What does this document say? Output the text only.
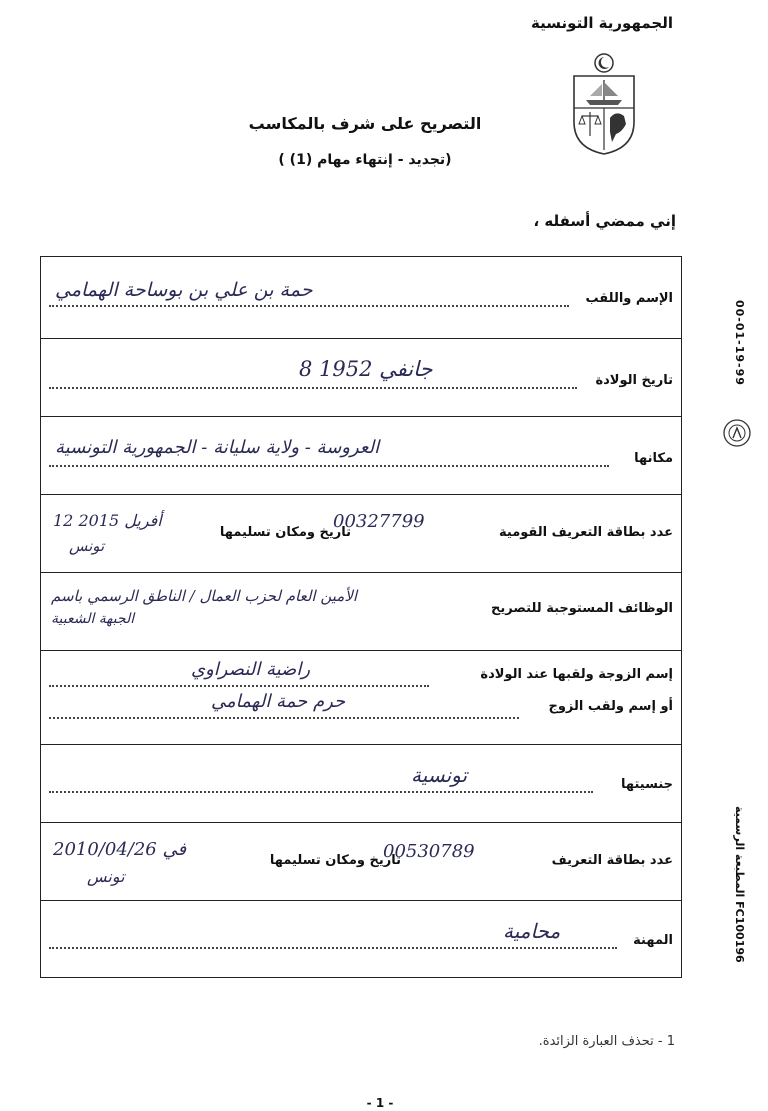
الجمهورية التونسية
التصريح على شرف بالمكاسب
(تجديد - إنتهاء مهام (1) )
إني ممضي أسفله ،
الإسم واللقب
حمة بن علي بن بوساحة الهمامي
تاريخ الولادة
8 جانفي 1952
مكانها
العروسة - ولاية سليانة - الجمهورية التونسية
عدد بطاقة التعريف القومية
00327799
تاريخ ومكان تسليمها
12 أفريل 2015
تونس
الوظائف المستوجبة للتصريح
الأمين العام لحزب العمال / الناطق الرسمي باسم
الجبهة الشعبية
إسم الزوجة ولقبها عند الولادة
راضية النصراوي
أو إسم ولقب الزوج
حرم حمة الهمامي
جنسيتها
تونسية
عدد بطاقة التعريف
00530789
تاريخ ومكان تسليمها
في 2010/04/26
تونس
المهنة
محامية
00-01-19-99
FC100196 المطبعة الرسمية
1 - تحذف العبارة الزائدة.
- 1 -
